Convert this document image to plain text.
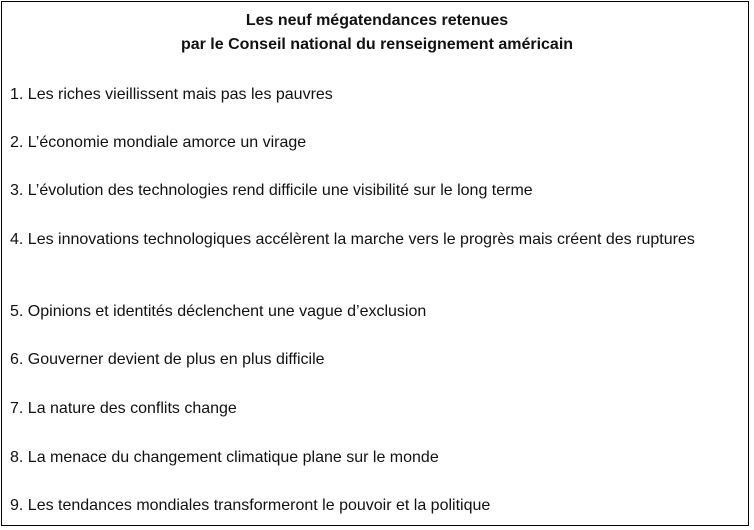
Les neuf mégatendances retenues
par le Conseil national du renseignement américain
1. Les riches vieillissent mais pas les pauvres
2. L’économie mondiale amorce un virage
3. L’évolution des technologies rend difficile une visibilité sur le long terme
4. Les innovations technologiques accélèrent la marche vers le progrès mais créent des ruptures
5. Opinions et identités déclenchent une vague d’exclusion
6. Gouverner devient de plus en plus difficile
7. La nature des conflits change
8. La menace du changement climatique plane sur le monde
9. Les tendances mondiales transformeront le pouvoir et la politique
